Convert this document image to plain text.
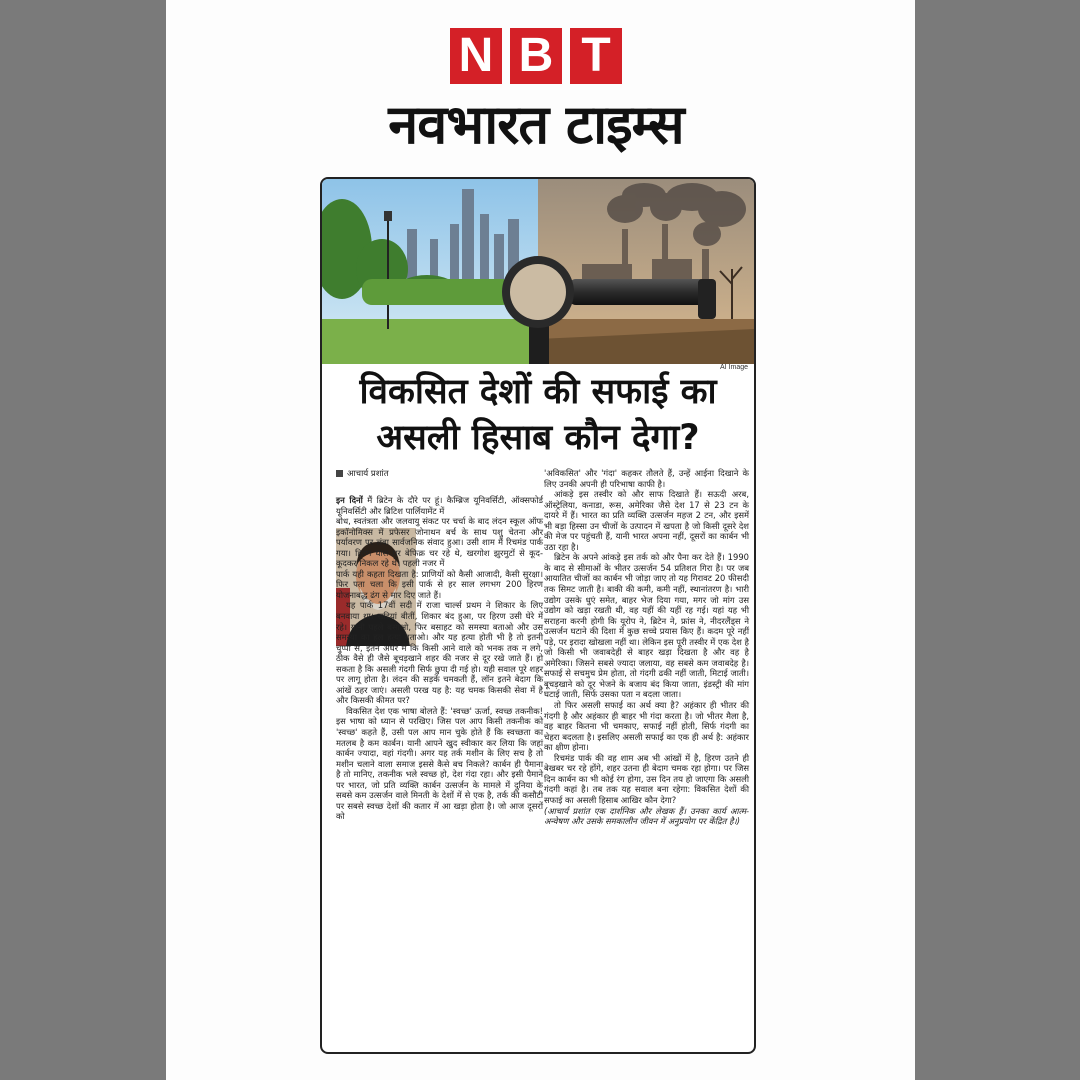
N B T
नवभारत टाइम्स
AI Image
विकसित देशों की सफाई का
असली हिसाब कौन देगा?
आचार्य प्रशांत

इन दिनों मैं ब्रिटेन के दौरे पर हूं। कैम्ब्रिज यूनिवर्सिटी, ऑक्सफोर्ड यूनिवर्सिटी और ब्रिटिश पार्लियामेंट में

बोध, स्वतंत्रता और जलवायु संकट पर चर्चा के बाद लंदन स्कूल ऑफ इकॉनोमिक्स में प्रफेसर जोनाथन बर्च के साथ पशु चेतना और पर्यावरण पर लंबा सार्वजनिक संवाद हुआ। उसी शाम मैं रिचमंड पार्क गया। हिरण घास पर बेफिक्र चर रहे थे, खरगोश झुरमुटों से कूद-कूदकर निकल रहे थे। पहली नजर में

पार्क यही कहता दिखता है: प्राणियों को कैसी आजादी, कैसी सुरक्षा। फिर पता चला कि इसी पार्क से हर साल लगभग 200 हिरण योजनाबद्ध ढंग से मार दिए जाते हैं।

यह पार्क 17वीं सदी में राजा चार्ल्स प्रथम ने शिकार के लिए बनवाया था। सदियां बीतीं, शिकार बंद हुआ, पर हिरण उसी घेरे में रहे। यानी पहले बसाओ, फिर बसाहट को समस्या बताओ और उस समस्या का हल हत्या बताओ। और यह हत्या होती भी है तो इतनी चुप्पी से, इतने अंधेरे में कि किसी आने वाले को भनक तक न लगे, ठीक वैसे ही जैसे बूचड़खाने शहर की नजर से दूर रखे जाते हैं। हो सकता है कि असली गंदगी सिर्फ छुपा दी गई हो। यही सवाल पूरे शहर पर लागू होता है। लंदन की सड़कें चमकती हैं, लॉन इतने बेदाग कि आंखें ठहर जाएं। असली परख यह है: यह चमक किसकी सेवा में है और किसकी कीमत पर?

विकसित देश एक भाषा बोलते हैं: 'स्वच्छ' ऊर्जा, स्वच्छ तकनीक! इस भाषा को ध्यान से परखिए। जिस पल आप किसी तकनीक को 'स्वच्छ' कहते हैं, उसी पल आप मान चुके होते हैं कि स्वच्छता का मतलब है कम कार्बन। यानी आपने खुद स्वीकार कर लिया कि जहां कार्बन ज्यादा, वहां गंदगी। अगर यह तर्क मशीन के लिए सच है तो मशीन चलाने वाला समाज इससे कैसे बच निकले? कार्बन ही पैमाना है तो मानिए, तकनीक भले स्वच्छ हो, देश गंदा रहा। और इसी पैमाने पर भारत, जो प्रति व्यक्ति कार्बन उत्सर्जन के मामले में दुनिया के सबसे कम उत्सर्जन वाले मिनती के देशों में से एक है, तर्क की कसौटी पर सबसे स्वच्छ देशों की कतार में आ खड़ा होता है। जो आज दूसरों को

'अविकसित' और 'गंदा' कहकर तौलते हैं, उन्हें आईना दिखाने के लिए उनकी अपनी ही परिभाषा काफी है।

आंकड़े इस तस्वीर को और साफ दिखाते हैं। सऊदी अरब, ऑस्ट्रेलिया, कनाडा, रूस, अमेरिका जैसे देश 17 से 23 टन के दायरे में हैं। भारत का प्रति व्यक्ति उत्सर्जन महज 2 टन, और इसमें भी बड़ा हिस्सा उन चीजों के उत्पादन में खपता है जो किसी दूसरे देश की मेज पर पहुंचती हैं, यानी भारत अपना नहीं, दूसरों का कार्बन भी उठा रहा है।

ब्रिटेन के अपने आंकड़े इस तर्क को और पैना कर देते हैं। 1990 के बाद से सीमाओं के भीतर उत्सर्जन 54 प्रतिशत गिरा है। पर जब आयातित चीजों का कार्बन भी जोड़ा जाए तो यह गिरावट 20 फीसदी तक सिमट जाती है। बाकी की कमी, कमी नहीं, स्थानांतरण है। भारी उद्योग उसके धुएं समेत, बाहर भेज दिया गया, मगर जो मांग उस उद्योग को खड़ा रखती थी, वह यहीं की यहीं रह गई। यहां यह भी सराहना करनी होगी कि यूरोप ने, ब्रिटेन ने, फ्रांस ने, नीदरलैंड्स ने उत्सर्जन घटाने की दिशा में कुछ सच्चे प्रयास किए हैं। कदम पूरे नहीं पड़े, पर इरादा खोखला नहीं था। लेकिन इस पूरी तस्वीर में एक देश है जो किसी भी जवाबदेही से बाहर खड़ा दिखता है और वह है अमेरिका। जिसने सबसे ज्यादा जलाया, वह सबसे कम जवाबदेह है। सफाई से सचमुच प्रेम होता, तो गंदगी ढकी नहीं जाती, मिटाई जाती। बूचड़खाने को दूर भेजने के बजाय बंद किया जाता, इंडस्ट्री की मांग घटाई जाती, सिर्फ उसका पता न बदला जाता।

तो फिर असली सफाई का अर्थ क्या है? अहंकार ही भीतर की गंदगी है और अहंकार ही बाहर भी गंदा करता है। जो भीतर मैला है, वह बाहर कितना भी चमकाए, सफाई नहीं होती, सिर्फ गंदगी का चेहरा बदलता है। इसलिए असली सफाई का एक ही अर्थ है: अहंकार का क्षीण होना।

रिचमंड पार्क की वह शाम अब भी आंखों में है, हिरण उतने ही बेखबर चर रहे होंगे, शहर उतना ही बेदाग चमक रहा होगा। पर जिस दिन कार्बन का भी कोई रंग होगा, उस दिन तय हो जाएगा कि असली गंदगी कहां है। तब तक यह सवाल बना रहेगा: विकसित देशों की सफाई का असली हिसाब आखिर कौन देगा?

(आचार्य प्रशांत एक दार्शनिक और लेखक हैं। उनका कार्य आत्म-अन्वेषण और उसके समकालीन जीवन में अनुप्रयोग पर केंद्रित है।)
